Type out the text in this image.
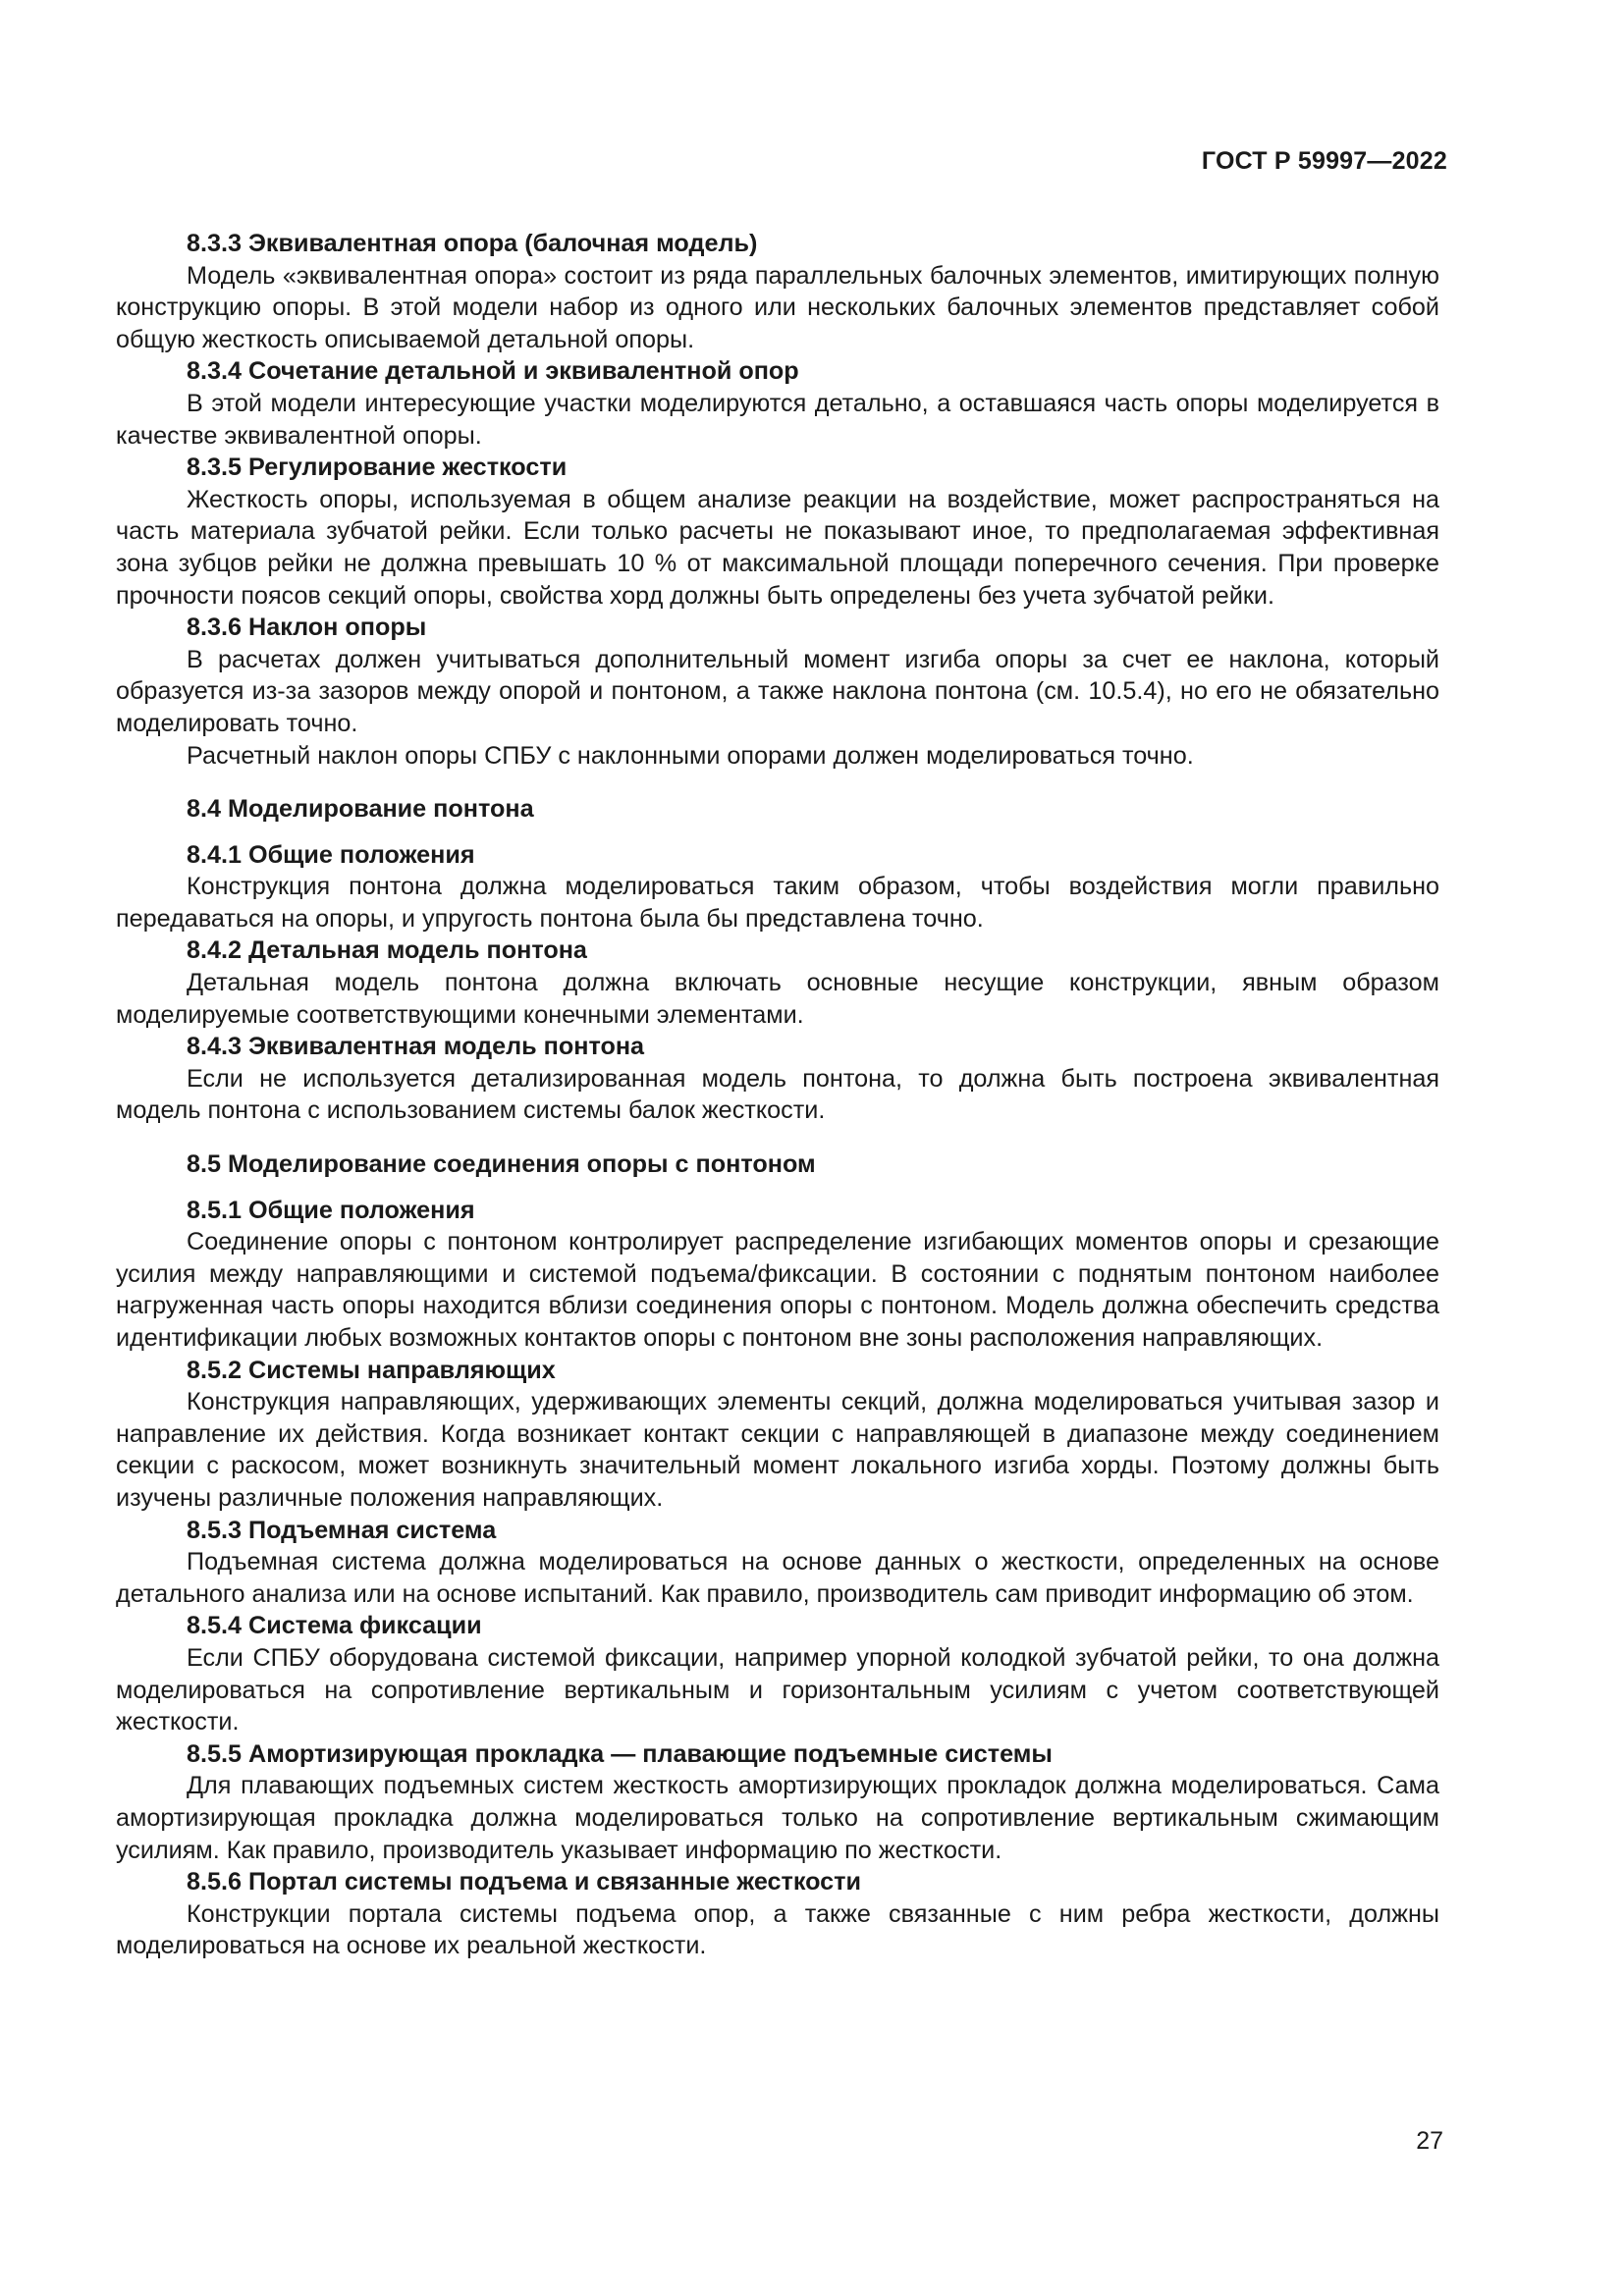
ГОСТ Р 59997—2022
8.3.3 Эквивалентная опора (балочная модель)

Модель «эквивалентная опора» состоит из ряда параллельных балочных элементов, имитирующих полную конструкцию опоры. В этой модели набор из одного или нескольких балочных элементов представляет собой общую жесткость описываемой детальной опоры.

8.3.4 Сочетание детальной и эквивалентной опор

В этой модели интересующие участки моделируются детально, а оставшаяся часть опоры моделируется в качестве эквивалентной опоры.

8.3.5 Регулирование жесткости

Жесткость опоры, используемая в общем анализе реакции на воздействие, может распространяться на часть материала зубчатой рейки. Если только расчеты не показывают иное, то предполагаемая эффективная зона зубцов рейки не должна превышать 10 % от максимальной площади поперечного сечения. При проверке прочности поясов секций опоры, свойства хорд должны быть определены без учета зубчатой рейки.

8.3.6 Наклон опоры

В расчетах должен учитываться дополнительный момент изгиба опоры за счет ее наклона, который образуется из-за зазоров между опорой и понтоном, а также наклона понтона (см. 10.5.4), но его не обязательно моделировать точно.

Расчетный наклон опоры СПБУ с наклонными опорами должен моделироваться точно.

8.4 Моделирование понтона
8.4.1 Общие положения

Конструкция понтона должна моделироваться таким образом, чтобы воздействия могли правильно передаваться на опоры, и упругость понтона была бы представлена точно.

8.4.2 Детальная модель понтона

Детальная модель понтона должна включать основные несущие конструкции, явным образом моделируемые соответствующими конечными элементами.

8.4.3 Эквивалентная модель понтона

Если не используется детализированная модель понтона, то должна быть построена эквивалентная модель понтона с использованием системы балок жесткости.

8.5 Моделирование соединения опоры с понтоном
8.5.1 Общие положения

Соединение опоры с понтоном контролирует распределение изгибающих моментов опоры и срезающие усилия между направляющими и системой подъема/фиксации. В состоянии с поднятым понтоном наиболее нагруженная часть опоры находится вблизи соединения опоры с понтоном. Модель должна обеспечить средства идентификации любых возможных контактов опоры с понтоном вне зоны расположения направляющих.

8.5.2 Системы направляющих

Конструкция направляющих, удерживающих элементы секций, должна моделироваться учитывая зазор и направление их действия. Когда возникает контакт секции с направляющей в диапазоне между соединением секции с раскосом, может возникнуть значительный момент локального изгиба хорды. Поэтому должны быть изучены различные положения направляющих.

8.5.3 Подъемная система

Подъемная система должна моделироваться на основе данных о жесткости, определенных на основе детального анализа или на основе испытаний. Как правило, производитель сам приводит информацию об этом.

8.5.4 Система фиксации

Если СПБУ оборудована системой фиксации, например упорной колодкой зубчатой рейки, то она должна моделироваться на сопротивление вертикальным и горизонтальным усилиям с учетом соответствующей жесткости.

8.5.5 Амортизирующая прокладка — плавающие подъемные системы

Для плавающих подъемных систем жесткость амортизирующих прокладок должна моделироваться. Сама амортизирующая прокладка должна моделироваться только на сопротивление вертикальным сжимающим усилиям. Как правило, производитель указывает информацию по жесткости.

8.5.6 Портал системы подъема и связанные жесткости

Конструкции портала системы подъема опор, а также связанные с ним ребра жесткости, должны моделироваться на основе их реальной жесткости.

27
